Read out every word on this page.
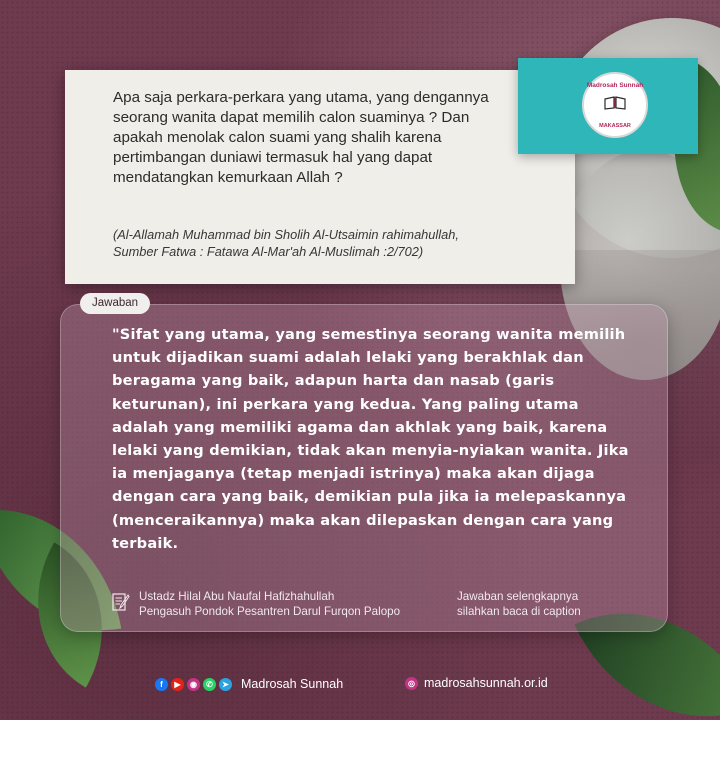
Apa saja perkara-perkara yang utama, yang dengannya seorang wanita dapat memilih calon suaminya ? Dan apakah menolak calon suami yang shalih karena pertimbangan duniawi termasuk hal yang dapat mendatangkan kemurkaan Allah ?

(Al-Allamah Muhammad bin Sholih Al-Utsaimin rahimahullah,
Sumber Fatwa : Fatawa Al-Mar'ah Al-Muslimah :2/702)

Madrosah Sunnah
MAKASSAR

"Sifat yang utama, yang semestinya seorang wanita memilih untuk dijadikan suami adalah lelaki yang berakhlak dan beragama yang baik, adapun harta dan nasab (garis keturunan), ini perkara yang kedua. Yang paling utama adalah yang memiliki agama dan akhlak yang baik, karena lelaki yang demikian, tidak akan menyia-nyiakan wanita. Jika ia menjaganya (tetap menjadi istrinya) maka akan dijaga dengan cara yang baik, demikian pula jika ia melepaskannya (menceraikannya) maka akan dilepaskan dengan cara yang terbaik.

Ustadz Hilal Abu Naufal Hafizhahullah
Pengasuh Pondok Pesantren Darul Furqon Palopo

Jawaban selengkapnya
silahkan baca di caption

Jawaban
f	▶	◉	✆	➤ Madrosah Sunnah	◎ madrosahsunnah.or.id
